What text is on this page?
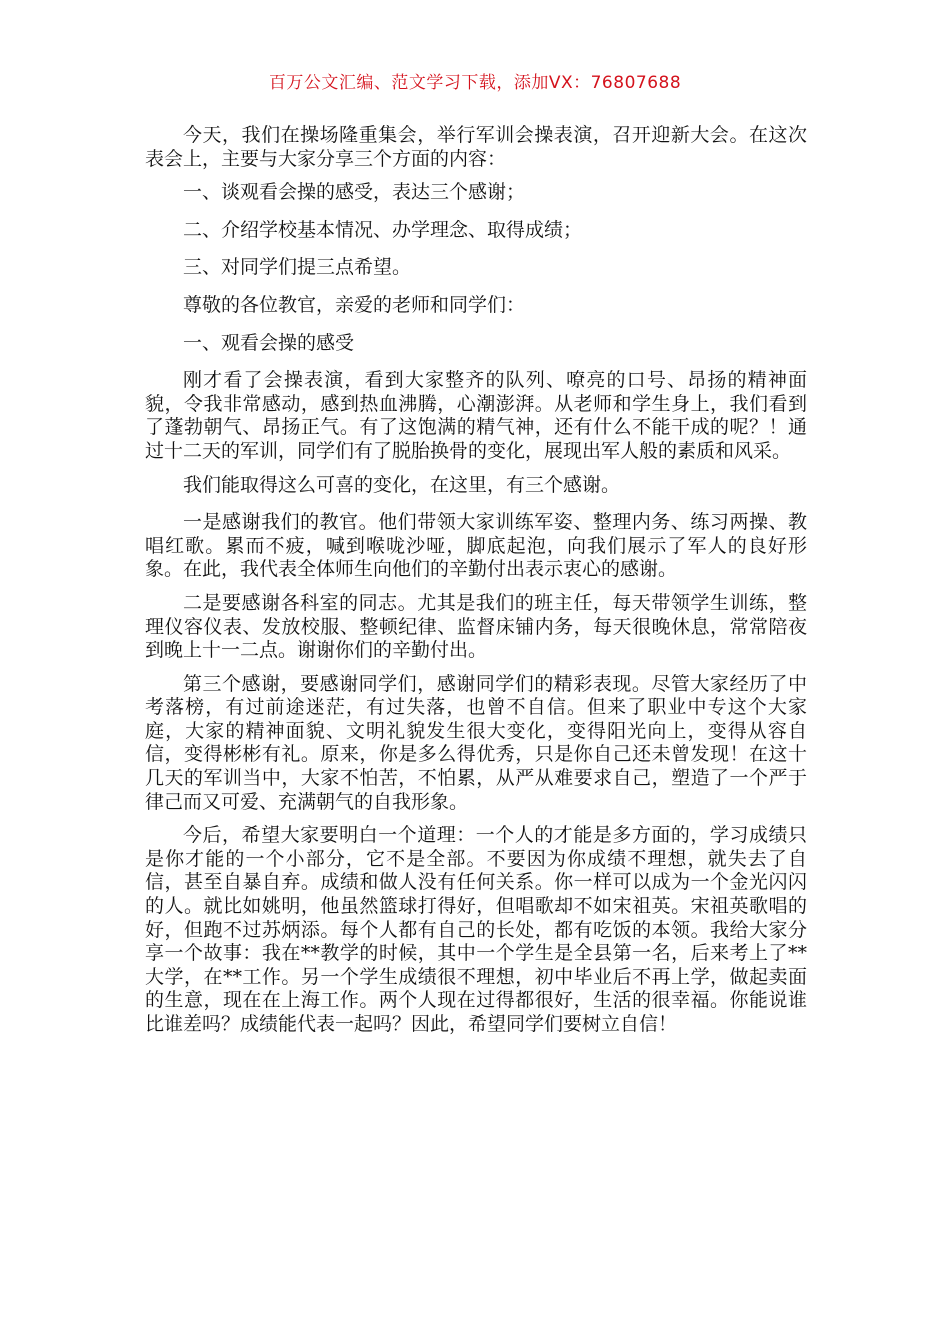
百万公文汇编、范文学习下载，添加VX：76807688

今天，我们在操场隆重集会，举行军训会操表演，召开迎新大会。在这次表会上，主要与大家分享三个方面的内容：

一、谈观看会操的感受，表达三个感谢；

二、介绍学校基本情况、办学理念、取得成绩；

三、对同学们提三点希望。

尊敬的各位教官，亲爱的老师和同学们：

一、观看会操的感受

刚才看了会操表演，看到大家整齐的队列、嘹亮的口号、昂扬的精神面貌，令我非常感动，感到热血沸腾，心潮澎湃。从老师和学生身上，我们看到了蓬勃朝气、昂扬正气。有了这饱满的精气神，还有什么不能干成的呢？！通过十二天的军训，同学们有了脱胎换骨的变化，展现出军人般的素质和风采。

我们能取得这么可喜的变化，在这里，有三个感谢。

一是感谢我们的教官。他们带领大家训练军姿、整理内务、练习两操、教唱红歌。累而不疲，喊到喉咙沙哑，脚底起泡，向我们展示了军人的良好形象。在此，我代表全体师生向他们的辛勤付出表示衷心的感谢。

二是要感谢各科室的同志。尤其是我们的班主任，每天带领学生训练，整理仪容仪表、发放校服、整顿纪律、监督床铺内务，每天很晚休息，常常陪夜到晚上十一二点。谢谢你们的辛勤付出。

第三个感谢，要感谢同学们，感谢同学们的精彩表现。尽管大家经历了中考落榜，有过前途迷茫，有过失落，也曾不自信。但来了职业中专这个大家庭，大家的精神面貌、文明礼貌发生很大变化，变得阳光向上，变得从容自信，变得彬彬有礼。原来，你是多么得优秀，只是你自己还未曾发现！在这十几天的军训当中，大家不怕苦，不怕累，从严从难要求自己，塑造了一个严于律己而又可爱、充满朝气的自我形象。

今后，希望大家要明白一个道理：一个人的才能是多方面的，学习成绩只是你才能的一个小部分，它不是全部。不要因为你成绩不理想，就失去了自信，甚至自暴自弃。成绩和做人没有任何关系。你一样可以成为一个金光闪闪的人。就比如姚明，他虽然篮球打得好，但唱歌却不如宋祖英。宋祖英歌唱的好，但跑不过苏炳添。每个人都有自己的长处，都有吃饭的本领。我给大家分享一个故事：我在**教学的时候，其中一个学生是全县第一名，后来考上了**大学，在**工作。另一个学生成绩很不理想，初中毕业后不再上学，做起卖面的生意，现在在上海工作。两个人现在过得都很好，生活的很幸福。你能说谁比谁差吗？成绩能代表一起吗？因此，希望同学们要树立自信！
